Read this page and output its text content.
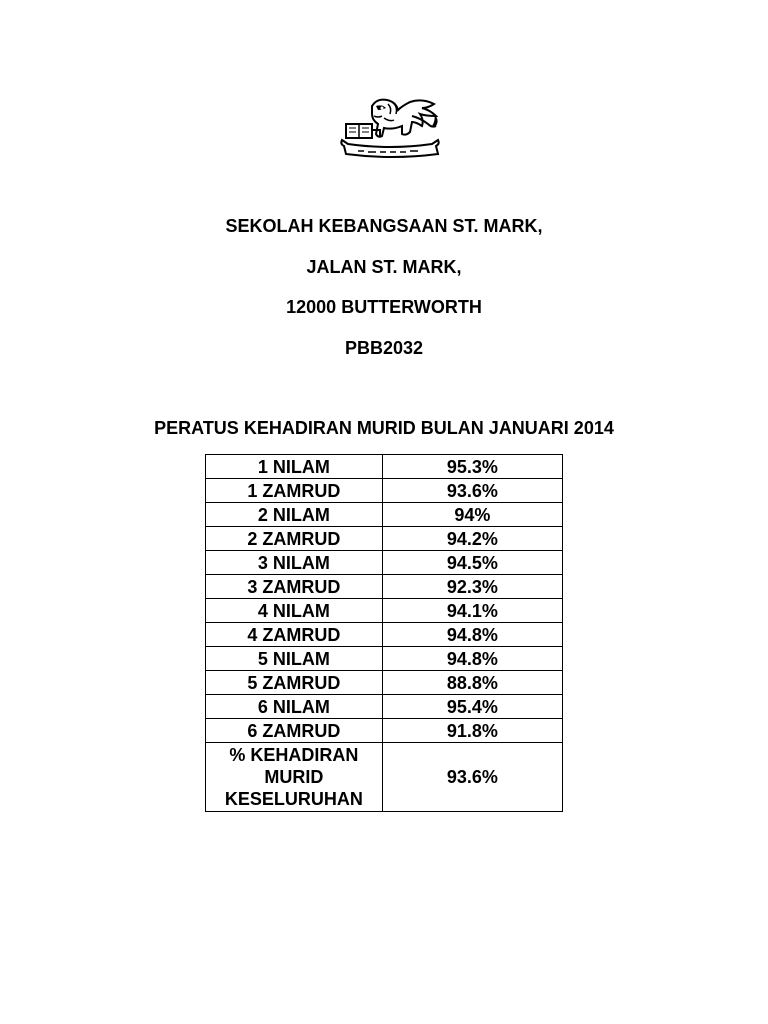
SEKOLAH KEBANGSAAN ST. MARK,
JALAN ST. MARK,
12000 BUTTERWORTH
PBB2032
PERATUS KEHADIRAN MURID BULAN JANUARI 2014
1 NILAM	95.3%
1 ZAMRUD	93.6%
2 NILAM	94%
2 ZAMRUD	94.2%
3 NILAM	94.5%
3 ZAMRUD	92.3%
4 NILAM	94.1%
4 ZAMRUD	94.8%
5 NILAM	94.8%
5 ZAMRUD	88.8%
6 NILAM	95.4%
6 ZAMRUD	91.8%

% KEHADIRAN
MURID
KESELURUHAN	93.6%
